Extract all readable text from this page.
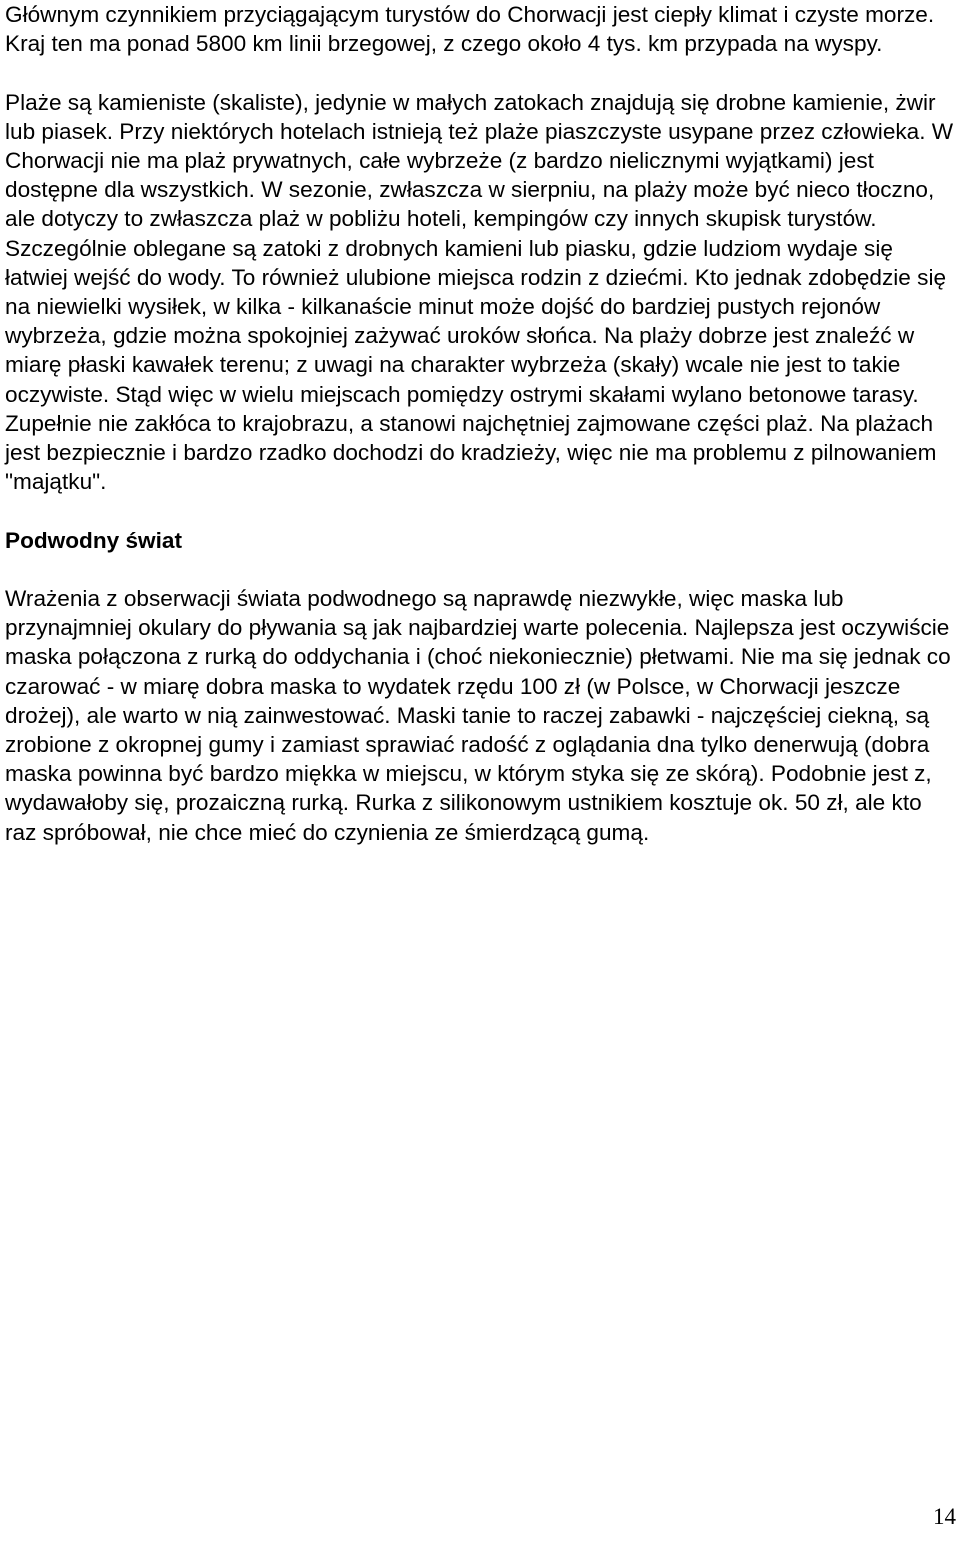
Głównym czynnikiem przyciągającym turystów do Chorwacji jest ciepły klimat i czyste morze. Kraj ten ma ponad 5800 km linii brzegowej, z czego około 4 tys. km przypada na wyspy.

Plaże są kamieniste (skaliste), jedynie w małych zatokach znajdują się drobne kamienie, żwir lub piasek. Przy niektórych hotelach istnieją też plaże piaszczyste usypane przez człowieka. W Chorwacji nie ma plaż prywatnych, całe wybrzeże (z bardzo nielicznymi wyjątkami) jest dostępne dla wszystkich. W sezonie, zwłaszcza w sierpniu, na plaży może być nieco tłoczno, ale dotyczy to zwłaszcza plaż w pobliżu hoteli, kempingów czy innych skupisk turystów. Szczególnie oblegane są zatoki z drobnych kamieni lub piasku, gdzie ludziom wydaje się łatwiej wejść do wody. To również ulubione miejsca rodzin z dziećmi. Kto jednak zdobędzie się na niewielki wysiłek, w kilka - kilkanaście minut może dojść do bardziej pustych rejonów wybrzeża, gdzie można spokojniej zażywać uroków słońca. Na plaży dobrze jest znaleźć w miarę płaski kawałek terenu; z uwagi na charakter wybrzeża (skały) wcale nie jest to takie oczywiste. Stąd więc w wielu miejscach pomiędzy ostrymi skałami wylano betonowe tarasy. Zupełnie nie zakłóca to krajobrazu, a stanowi najchętniej zajmowane części plaż. Na plażach jest bezpiecznie i bardzo rzadko dochodzi do kradzieży, więc nie ma problemu z pilnowaniem "majątku".

Podwodny świat

Wrażenia z obserwacji świata podwodnego są naprawdę niezwykłe, więc maska lub przynajmniej okulary do pływania są jak najbardziej warte polecenia. Najlepsza jest oczywiście maska połączona z rurką do oddychania i (choć niekoniecznie) płetwami. Nie ma się jednak co czarować - w miarę dobra maska to wydatek rzędu 100 zł (w Polsce, w Chorwacji jeszcze drożej), ale warto w nią zainwestować. Maski tanie to raczej zabawki - najczęściej ciekną, są zrobione z okropnej gumy i zamiast sprawiać radość z oglądania dna tylko denerwują (dobra maska powinna być bardzo miękka w miejscu, w którym styka się ze skórą). Podobnie jest z, wydawałoby się, prozaiczną rurką. Rurka z silikonowym ustnikiem kosztuje ok. 50 zł, ale kto raz spróbował, nie chce mieć do czynienia ze śmierdzącą gumą.

14
